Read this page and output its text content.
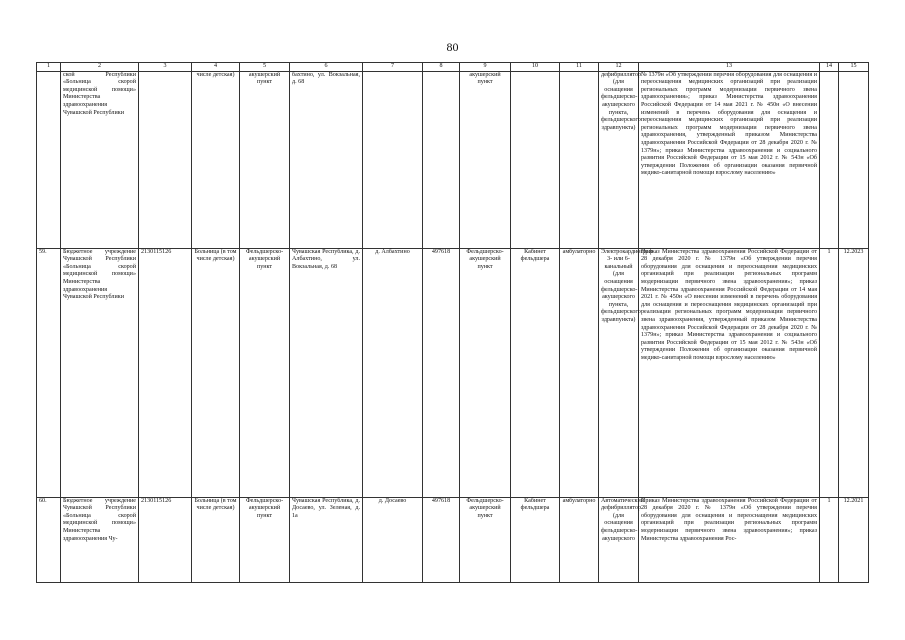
80
1	2	3	4	5	6	7	8	9	10	11	12	13	14	15
	ской Республики «Больница скорой медицинской помощи» Министерства здравоохранения Чувашской Республики		числе детская)	акушерский пункт	бахтино, ул. Вокзальная, д. 68			акушерский пункт			дефибриллятор (для оснащения фельдшерско-акушерского пункта, фельдшерского здравпункта)	№ 1379н «Об утверждении перечня оборудования для оснащения и переоснащения медицинских организаций при реализации региональных программ модернизации первичного звена здравоохранения»; приказ Министерства здравоохранения Российской Федерации от 14 мая 2021 г. № 450н «О внесении изменений в перечень оборудования для оснащения и переоснащения медицинских организаций при реализации региональных программ модернизации первичного звена здравоохранения, утвержденный приказом Министерства здравоохранения Российской Федерации от 28 декабря 2020 г. № 1379н»; приказ Министерства здравоохранения и социального развития Российской Федерации от 15 мая 2012 г. № 543н «Об утверждении Положения об организации оказания первичной медико-санитарной помощи взрослому населению»		
59.	Бюджетное учреждение Чувашской Республики «Больница скорой медицинской помощи» Министерства здравоохранения Чувашской Республики	2130115126	Больница (в том числе детская)	Фельдшерско-акушерский пункт	Чувашская Республика, д. Албахтино, ул. Вокзальная, д. 68	д. Албахтино	497618	Фельдшерско-акушерский пункт	Кабинет фельдшера	амбулаторно	Электрокардиограф 3- или 6-канальный (для оснащения фельдшерско-акушерского пункта, фельдшерского здравпункта)	Приказ Министерства здравоохранения Российской Федерации от 28 декабря 2020 г. № 1379н «Об утверждении перечня оборудования для оснащения и переоснащения медицинских организаций при реализации региональных программ модернизации первичного звена здравоохранения»; приказ Министерства здравоохранения Российской Федерации от 14 мая 2021 г. № 450н «О внесении изменений в перечень оборудования для оснащения и переоснащения медицинских организаций при реализации региональных программ модернизации первичного звена здравоохранения, утвержденный приказом Министерства здравоохранения Российской Федерации от 28 декабря 2020 г. № 1379н»; приказ Министерства здравоохранения и социального развития Российской Федерации от 15 мая 2012 г. № 543н «Об утверждении Положения об организации оказания первичной медико-санитарной помощи взрослому населению»	1	12.2023
60.	Бюджетное учреждение Чувашской Республики «Больница скорой медицинской помощи» Министерства здравоохранения Чу-	2130115126	Больница (в том числе детская)	Фельдшерско-акушерский пункт	Чувашская Республика, д. Досаево, ул. Зеленая, д. 1а	д. Досаево	497618	Фельдшерско-акушерский пункт	Кабинет фельдшера	амбулаторно	Автоматический дефибриллятор (для оснащения фельдшерско-акушерского	Приказ Министерства здравоохранения Российской Федерации от 28 декабря 2020 г. № 1379н «Об утверждении перечня оборудования для оснащения и переоснащения медицинских организаций при реализации региональных программ модернизации первичного звена здравоохранения»; приказ Министерства здравоохранения Рос-	1	12.2021
